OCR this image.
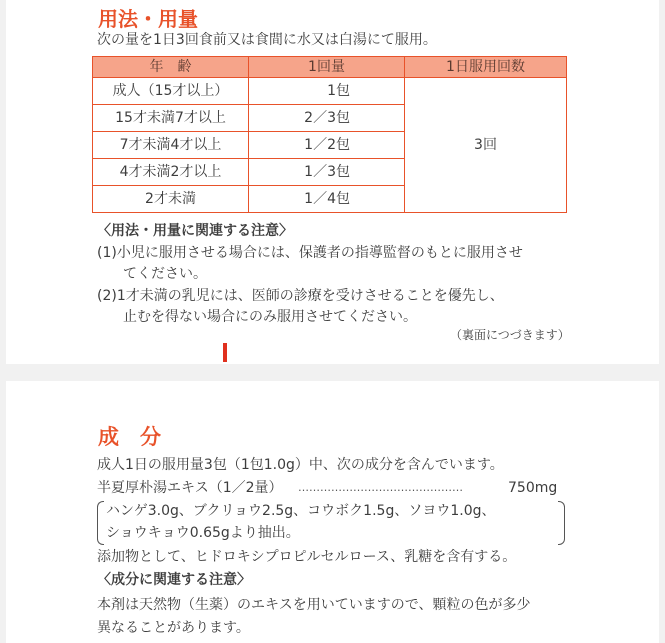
用法・用量
次の量を1日3回食前又は食間に水又は白湯にて服用。
年　齢	1回量	1日服用回数
成人（15才以上）	1包	3回
15才未満7才以上	2／3包	
7才未満4才以上	1／2包	
4才未満2才以上	1／3包	
2才未満	1／4包	
〈用法・用量に関連する注意〉
(1)小児に服用させる場合には、保護者の指導監督のもとに服用させ
てください。
(2)1才未満の乳児には、医師の診療を受けさせることを優先し、
止むを得ない場合にのみ服用させてください。
（裏面につづきます）
成　分
成人1日の服用量3包（1包1.0g）中、次の成分を含んでいます。
半夏厚朴湯エキス（1／2量） ………………………………………	750mg
ハンゲ3.0g、ブクリョウ2.5g、コウボク1.5g、ソヨウ1.0g、
ショウキョウ0.65gより抽出。
添加物として、ヒドロキシプロピルセルロース、乳糖を含有する。
〈成分に関連する注意〉
本剤は天然物（生薬）のエキスを用いていますので、顆粒の色が多少
異なることがあります。
